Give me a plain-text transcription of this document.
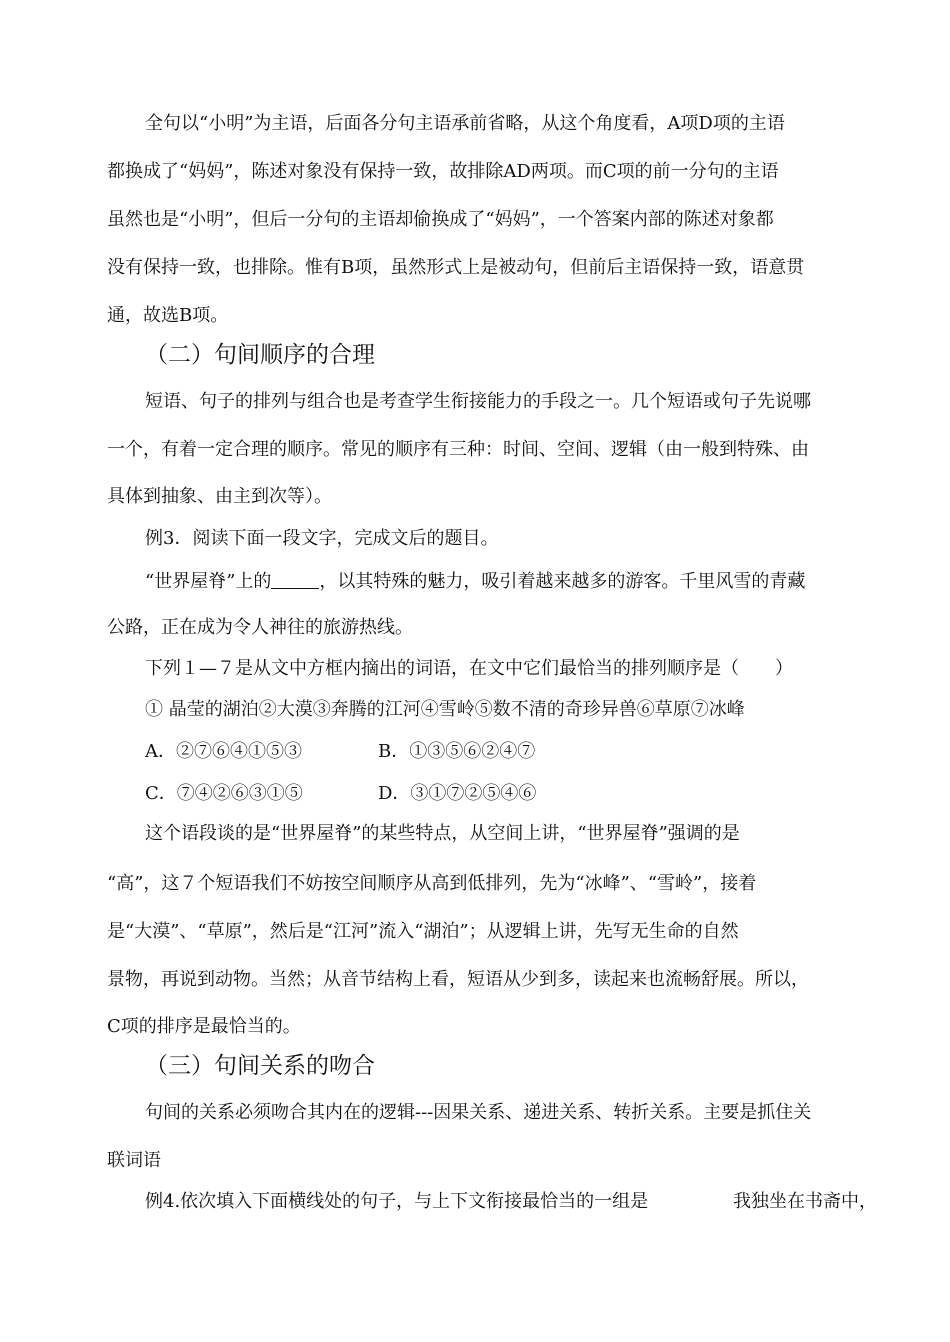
全句以“小明”为主语，后面各分句主语承前省略，从这个角度看，A项D项的主语
都换成了“妈妈”，陈述对象没有保持一致，故排除AD两项。而C项的前一分句的主语
虽然也是“小明”，但后一分句的主语却偷换成了“妈妈”，一个答案内部的陈述对象都
没有保持一致，也排除。惟有B项，虽然形式上是被动句，但前后主语保持一致，语意贯
通，故选B项。
（二）句间顺序的合理
短语、句子的排列与组合也是考查学生衔接能力的手段之一。几个短语或句子先说哪
一个，有着一定合理的顺序。常见的顺序有三种：时间、空间、逻辑（由一般到特殊、由
具体到抽象、由主到次等）。
例3．阅读下面一段文字，完成文后的题目。
“世界屋脊”上的	，以其特殊的魅力，吸引着越来越多的游客。千里风雪的青藏
公路，正在成为令人神往的旅游热线。
下列１—７是从文中方框内摘出的词语，在文中它们最恰当的排列顺序是（　　）
① 晶莹的湖泊②大漠③奔腾的江河④雪岭⑤数不清的奇珍异兽⑥草原⑦冰峰
A．②⑦⑥④①⑤③	B．①③⑤⑥②④⑦
C．⑦④②⑥③①⑤	D．③①⑦②⑤④⑥
这个语段谈的是“世界屋脊”的某些特点，从空间上讲，“世界屋脊”强调的是
“高”，这７个短语我们不妨按空间顺序从高到低排列，先为“冰峰”、“雪岭”，接着
是“大漠”、“草原”，然后是“江河”流入“湖泊”；从逻辑上讲，先写无生命的自然
景物，再说到动物。当然；从音节结构上看，短语从少到多，读起来也流畅舒展。所以，
C项的排序是最恰当的。
（三）句间关系的吻合
句间的关系必须吻合其内在的逻辑---因果关系、递进关系、转折关系。主要是抓住关
联词语
例4.依次填入下面横线处的句子，与上下文衔接最恰当的一组是	我独坐在书斋中，
